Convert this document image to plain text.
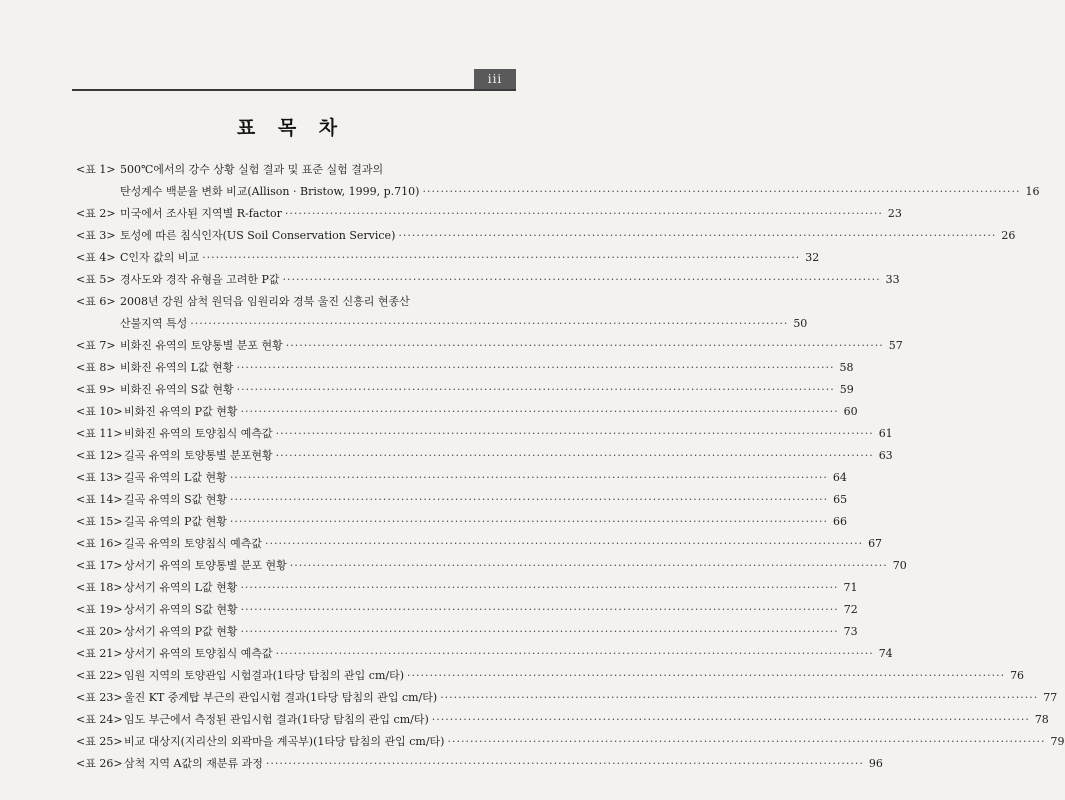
iii
표 목 차
<표 1> 500℃에서의 강수 상황 실험 결과 및 표준 실험 결과의
탄성계수 백분율 변화 비교(Allison · Bristow, 1999, p.710) ·····	16
<표 2> 미국에서 조사된 지역별 R-factor ·····	23
<표 3> 토성에 따른 침식인자(US Soil Conservation Service) ·····	26
<표 4> C인자 값의 비교 ·····	32
<표 5> 경사도와 경작 유형을 고려한 P값 ·····	33
<표 6> 2008년 강원 삼척 원덕읍 임원리와 경북 울진 신흥리 현종산
산불지역 특성 ·····	50
<표 7> 비화진 유역의 토양통별 분포 현황 ·····	57
<표 8> 비화진 유역의 L값 현황 ·····	58
<표 9> 비화진 유역의 S값 현황 ·····	59
<표 10> 비화진 유역의 P값 현황 ·····	60
<표 11> 비화진 유역의 토양침식 예측값 ·····	61
<표 12> 길곡 유역의 토양통별 분포현황 ·····	63
<표 13> 길곡 유역의 L값 현황 ·····	64
<표 14> 길곡 유역의 S값 현황 ·····	65
<표 15> 길곡 유역의 P값 현황 ·····	66
<표 16> 길곡 유역의 토양침식 예측값 ·····	67
<표 17> 상서기 유역의 토양통별 분포 현황 ·····	70
<표 18> 상서기 유역의 L값 현황 ·····	71
<표 19> 상서기 유역의 S값 현황 ·····	72
<표 20> 상서기 유역의 P값 현황 ·····	73
<표 21> 상서기 유역의 토양침식 예측값 ·····	74
<표 22> 임원 지역의 토양관입 시험결과(1타당 탐침의 관입 cm/타) ·····	76
<표 23> 울진 KT 중계탑 부근의 관입시험 결과(1타당 탐침의 관입 cm/타) ·····	77
<표 24> 임도 부근에서 측정된 관입시험 결과(1타당 탐침의 관입 cm/타) ·····	78
<표 25> 비교 대상지(지리산의 외곽마을 계곡부)(1타당 탐침의 관입 cm/타) ·····	79
<표 26> 삼척 지역 A값의 재분류 과정 ·····	96
